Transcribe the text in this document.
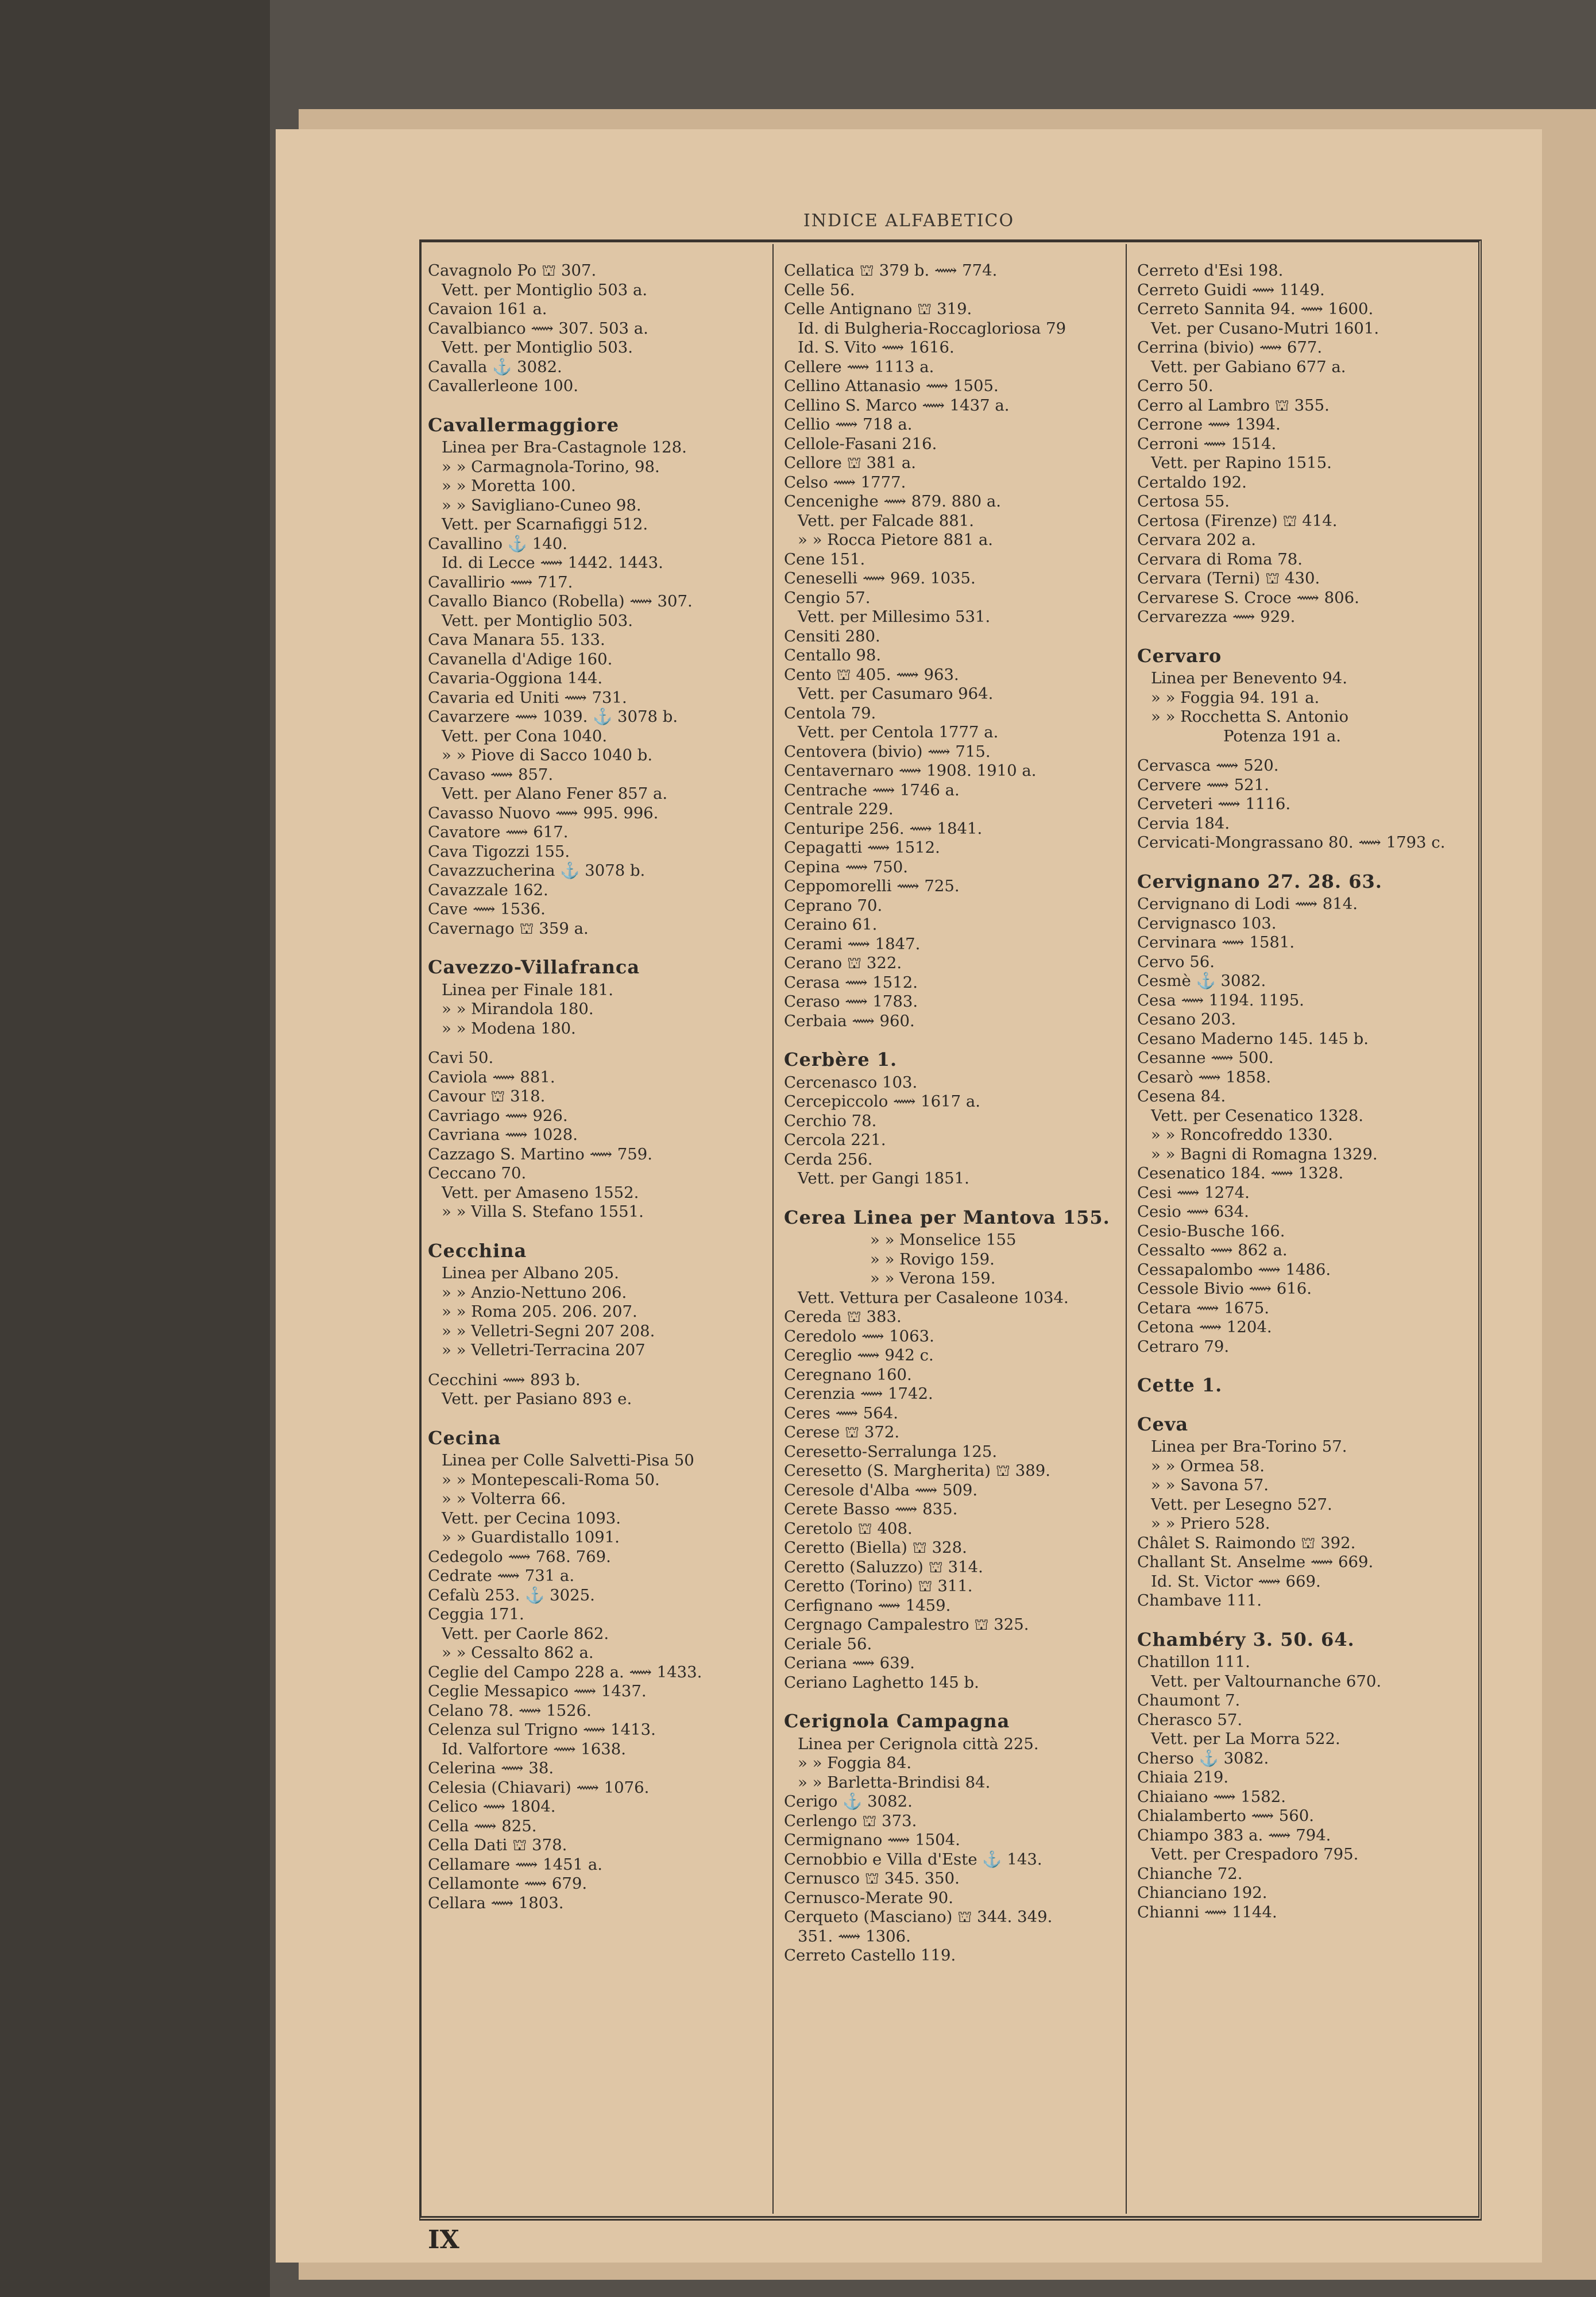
INDICE ALFABETICO
Cavagnolo Po ⛫ 307.
Vett. per Montiglio 503 a.
Cavaion 161 a.
Cavalbianco ⟿ 307. 503 a.
Vett. per Montiglio 503.
Cavalla ⚓ 3082.
Cavallerleone 100.
Cavallermaggiore
Linea per Bra-Castagnole 128.
» » Carmagnola-Torino, 98.
» » Moretta 100.
» » Savigliano-Cuneo 98.
Vett. per Scarnafiggi 512.
Cavallino ⚓ 140.
Id. di Lecce ⟿ 1442. 1443.
Cavallirio ⟿ 717.
Cavallo Bianco (Robella) ⟿ 307.
Vett. per Montiglio 503.
Cava Manara 55. 133.
Cavanella d'Adige 160.
Cavaria-Oggiona 144.
Cavaria ed Uniti ⟿ 731.
Cavarzere ⟿ 1039. ⚓ 3078 b.
Vett. per Cona 1040.
» » Piove di Sacco 1040 b.
Cavaso ⟿ 857.
Vett. per Alano Fener 857 a.
Cavasso Nuovo ⟿ 995. 996.
Cavatore ⟿ 617.
Cava Tigozzi 155.
Cavazzucherina ⚓ 3078 b.
Cavazzale 162.
Cave ⟿ 1536.
Cavernago ⛫ 359 a.
Cavezzo-Villafranca
Linea per Finale 181.
» » Mirandola 180.
» » Modena 180.
Cavi 50.
Caviola ⟿ 881.
Cavour ⛫ 318.
Cavriago ⟿ 926.
Cavriana ⟿ 1028.
Cazzago S. Martino ⟿ 759.
Ceccano 70.
Vett. per Amaseno 1552.
» » Villa S. Stefano 1551.
Cecchina
Linea per Albano 205.
» » Anzio-Nettuno 206.
» » Roma 205. 206. 207.
» » Velletri-Segni 207 208.
» » Velletri-Terracina 207
Cecchini ⟿ 893 b.
Vett. per Pasiano 893 e.
Cecina
Linea per Colle Salvetti-Pisa 50
» » Montepescali-Roma 50.
» » Volterra 66.
Vett. per Cecina 1093.
» » Guardistallo 1091.
Cedegolo ⟿ 768. 769.
Cedrate ⟿ 731 a.
Cefalù 253. ⚓ 3025.
Ceggia 171.
Vett. per Caorle 862.
» » Cessalto 862 a.
Ceglie del Campo 228 a. ⟿ 1433.
Ceglie Messapico ⟿ 1437.
Celano 78. ⟿ 1526.
Celenza sul Trigno ⟿ 1413.
Id. Valfortore ⟿ 1638.
Celerina ⟿ 38.
Celesia (Chiavari) ⟿ 1076.
Celico ⟿ 1804.
Cella ⟿ 825.
Cella Dati ⛫ 378.
Cellamare ⟿ 1451 a.
Cellamonte ⟿ 679.
Cellara ⟿ 1803.
Cellatica ⛫ 379 b. ⟿ 774.
Celle 56.
Celle Antignano ⛫ 319.
Id. di Bulgheria-Roccagloriosa 79
Id. S. Vito ⟿ 1616.
Cellere ⟿ 1113 a.
Cellino Attanasio ⟿ 1505.
Cellino S. Marco ⟿ 1437 a.
Cellio ⟿ 718 a.
Cellole-Fasani 216.
Cellore ⛫ 381 a.
Celso ⟿ 1777.
Cencenighe ⟿ 879. 880 a.
Vett. per Falcade 881.
» » Rocca Pietore 881 a.
Cene 151.
Ceneselli ⟿ 969. 1035.
Cengio 57.
Vett. per Millesimo 531.
Censiti 280.
Centallo 98.
Cento ⛫ 405. ⟿ 963.
Vett. per Casumaro 964.
Centola 79.
Vett. per Centola 1777 a.
Centovera (bivio) ⟿ 715.
Centavernaro ⟿ 1908. 1910 a.
Centrache ⟿ 1746 a.
Centrale 229.
Centuripe 256. ⟿ 1841.
Cepagatti ⟿ 1512.
Cepina ⟿ 750.
Ceppomorelli ⟿ 725.
Ceprano 70.
Ceraino 61.
Cerami ⟿ 1847.
Cerano ⛫ 322.
Cerasa ⟿ 1512.
Ceraso ⟿ 1783.
Cerbaia ⟿ 960.
Cerbère 1.
Cercenasco 103.
Cercepiccolo ⟿ 1617 a.
Cerchio 78.
Cercola 221.
Cerda 256.
Vett. per Gangi 1851.
Cerea Linea per Mantova 155.
» » Monselice 155
» » Rovigo 159.
» » Verona 159.
Vett. Vettura per Casaleone 1034.
Cereda ⛫ 383.
Ceredolo ⟿ 1063.
Cereglio ⟿ 942 c.
Ceregnano 160.
Cerenzia ⟿ 1742.
Ceres ⟿ 564.
Cerese ⛫ 372.
Ceresetto-Serralunga 125.
Ceresetto (S. Margherita) ⛫ 389.
Ceresole d'Alba ⟿ 509.
Cerete Basso ⟿ 835.
Ceretolo ⛫ 408.
Ceretto (Biella) ⛫ 328.
Ceretto (Saluzzo) ⛫ 314.
Ceretto (Torino) ⛫ 311.
Cerfignano ⟿ 1459.
Cergnago Campalestro ⛫ 325.
Ceriale 56.
Ceriana ⟿ 639.
Ceriano Laghetto 145 b.
Cerignola Campagna
Linea per Cerignola città 225.
» » Foggia 84.
» » Barletta-Brindisi 84.
Cerigo ⚓ 3082.
Cerlengo ⛫ 373.
Cermignano ⟿ 1504.
Cernobbio e Villa d'Este ⚓ 143.
Cernusco ⛫ 345. 350.
Cernusco-Merate 90.
Cerqueto (Masciano) ⛫ 344. 349.
351. ⟿ 1306.
Cerreto Castello 119.
Cerreto d'Esi 198.
Cerreto Guidi ⟿ 1149.
Cerreto Sannita 94. ⟿ 1600.
Vet. per Cusano-Mutri 1601.
Cerrina (bivio) ⟿ 677.
Vett. per Gabiano 677 a.
Cerro 50.
Cerro al Lambro ⛫ 355.
Cerrone ⟿ 1394.
Cerroni ⟿ 1514.
Vett. per Rapino 1515.
Certaldo 192.
Certosa 55.
Certosa (Firenze) ⛫ 414.
Cervara 202 a.
Cervara di Roma 78.
Cervara (Terni) ⛫ 430.
Cervarese S. Croce ⟿ 806.
Cervarezza ⟿ 929.
Cervaro
Linea per Benevento 94.
» » Foggia 94. 191 a.
» » Rocchetta S. Antonio
Potenza 191 a.
Cervasca ⟿ 520.
Cervere ⟿ 521.
Cerveteri ⟿ 1116.
Cervia 184.
Cervicati-Mongrassano 80. ⟿ 1793 c.
Cervignano 27. 28. 63.
Cervignano di Lodi ⟿ 814.
Cervignasco 103.
Cervinara ⟿ 1581.
Cervo 56.
Cesmè ⚓ 3082.
Cesa ⟿ 1194. 1195.
Cesano 203.
Cesano Maderno 145. 145 b.
Cesanne ⟿ 500.
Cesarò ⟿ 1858.
Cesena 84.
Vett. per Cesenatico 1328.
» » Roncofreddo 1330.
» » Bagni di Romagna 1329.
Cesenatico 184. ⟿ 1328.
Cesi ⟿ 1274.
Cesio ⟿ 634.
Cesio-Busche 166.
Cessalto ⟿ 862 a.
Cessapalombo ⟿ 1486.
Cessole Bivio ⟿ 616.
Cetara ⟿ 1675.
Cetona ⟿ 1204.
Cetraro 79.
Cette 1.
Ceva
Linea per Bra-Torino 57.
» » Ormea 58.
» » Savona 57.
Vett. per Lesegno 527.
» » Priero 528.
Châlet S. Raimondo ⛫ 392.
Challant St. Anselme ⟿ 669.
Id. St. Victor ⟿ 669.
Chambave 111.
Chambéry 3. 50. 64.
Chatillon 111.
Vett. per Valtournanche 670.
Chaumont 7.
Cherasco 57.
Vett. per La Morra 522.
Cherso ⚓ 3082.
Chiaia 219.
Chiaiano ⟿ 1582.
Chialamberto ⟿ 560.
Chiampo 383 a. ⟿ 794.
Vett. per Crespadoro 795.
Chianche 72.
Chianciano 192.
Chianni ⟿ 1144.
IX
